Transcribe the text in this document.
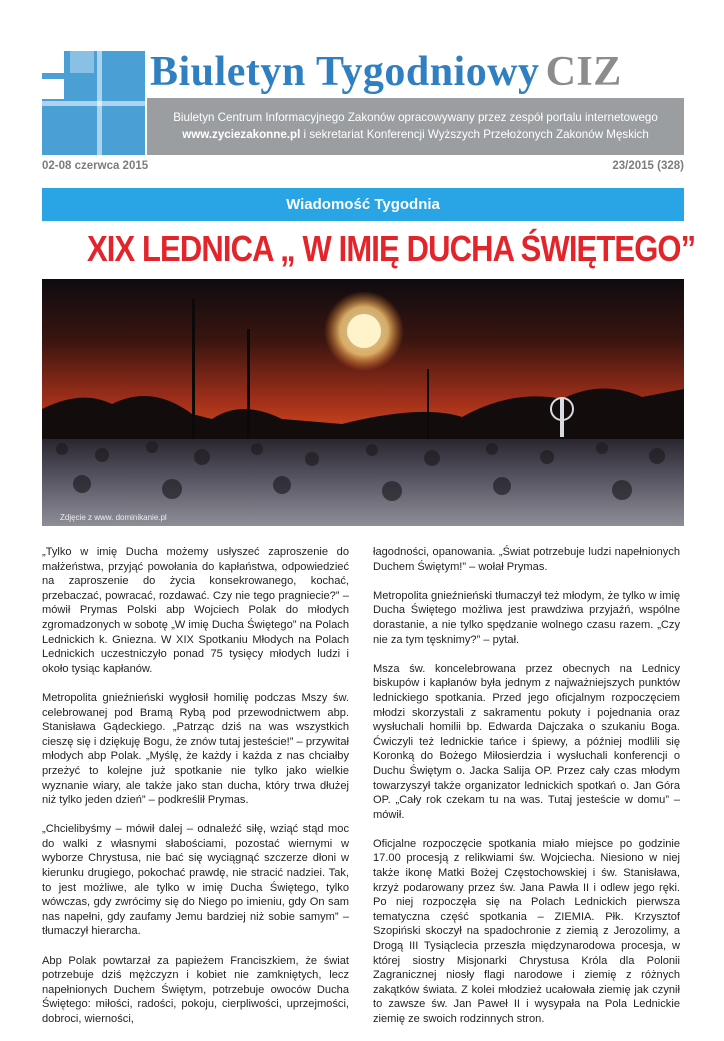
Biuletyn Tygodniowy CIZ
Biuletyn Centrum Informacyjnego Zakonów opracowywany przez zespół portalu internetowego
www.zyciezakonne.pl i sekretariat Konferencji Wyższych Przełożonych Zakonów Męskich
02-08 czerwca 2015	23/2015 (328)
Wiadomość Tygodnia
XIX LEDNICA „ W IMIĘ DUCHA ŚWIĘTEGO”
Zdjęcie z www. dominikanie.pl

„Tylko w imię Ducha możemy usłyszeć zaproszenie do małżeństwa, przyjąć powołania do kapłaństwa, odpowiedzieć na zaproszenie do życia konsekrowanego, kochać, przebaczać, powracać, rozdawać. Czy nie tego pragniecie?” – mówił Prymas Polski abp Wojciech Polak do młodych zgromadzonych w sobotę „W imię Ducha Świętego” na Polach Lednickich k. Gniezna. W XIX Spotkaniu Młodych na Polach Lednickich uczestniczyło ponad 75 tysięcy młodych ludzi i około tysiąc kapłanów.

Metropolita gnieźnieński wygłosił homilię podczas Mszy św. celebrowanej pod Bramą Rybą pod przewodnictwem abp. Stanisława Gądeckiego. „Patrząc dziś na was wszystkich cieszę się i dziękuję Bogu, że znów tutaj jesteście!” – przywitał młodych abp Polak. „Myślę, że każdy i każda z nas chciałby przeżyć to kolejne już spotkanie nie tylko jako wielkie wyznanie wiary, ale także jako stan ducha, który trwa dłużej niż tylko jeden dzień” – podkreślił Prymas.

„Chcielibyśmy – mówił dalej – odnaleźć siłę, wziąć stąd moc do walki z własnymi słabościami, pozostać wiernymi w wyborze Chrystusa, nie bać się wyciągnąć szczerze dłoni w kierunku drugiego, pokochać prawdę, nie stracić nadziei. Tak, to jest możliwe, ale tylko w imię Ducha Świętego, tylko wówczas, gdy zwrócimy się do Niego po imieniu, gdy On sam nas napełni, gdy zaufamy Jemu bardziej niż sobie samym” – tłumaczył hierarcha.

Abp Polak powtarzał za papieżem Franciszkiem, że świat potrzebuje dziś mężczyzn i kobiet nie zamkniętych, lecz napełnionych Duchem Świętym, potrzebuje owoców Ducha Świętego: miłości, radości, pokoju, cierpliwości, uprzejmości, dobroci, wierności,

łagodności, opanowania. „Świat potrzebuje ludzi napełnionych Duchem Świętym!” – wołał Prymas.

Metropolita gnieźnieński tłumaczył też młodym, że tylko w imię Ducha Świętego możliwa jest prawdziwa przyjaźń, wspólne dorastanie, a nie tylko spędzanie wolnego czasu razem. „Czy nie za tym tęsknimy?” – pytał.

Msza św. koncelebrowana przez obecnych na Lednicy biskupów i kapłanów była jednym z najważniejszych punktów lednickiego spotkania. Przed jego oficjalnym rozpoczęciem młodzi skorzystali z sakramentu pokuty i pojednania oraz wysłuchali homilii bp. Edwarda Dajczaka o szukaniu Boga. Ćwiczyli też lednickie tańce i śpiewy, a później modlili się Koronką do Bożego Miłosierdzia i wysłuchali konferencji o Duchu Świętym o. Jacka Salija OP. Przez cały czas młodym towarzyszył także organizator lednickich spotkań o. Jan Góra OP. „Cały rok czekam tu na was. Tutaj jesteście w domu” – mówił.

Oficjalne rozpoczęcie spotkania miało miejsce po godzinie 17.00 procesją z relikwiami św. Wojciecha. Niesiono w niej także ikonę Matki Bożej Częstochowskiej i św. Stanisława, krzyż podarowany przez św. Jana Pawła II i odlew jego ręki. Po niej rozpoczęła się na Polach Lednickich pierwsza tematyczna część spotkania – ZIEMIA. Płk. Krzysztof Szopiński skoczył na spadochronie z ziemią z Jerozolimy, a Drogą III Tysiąclecia przeszła międzynarodowa procesja, w której siostry Misjonarki Chrystusa Króla dla Polonii Zagranicznej niosły flagi narodowe i ziemię z różnych zakątków świata. Z kolei młodzież ucałowała ziemię jak czynił to zawsze św. Jan Paweł II i wysypała na Pola Lednickie ziemię ze swoich rodzinnych stron.
